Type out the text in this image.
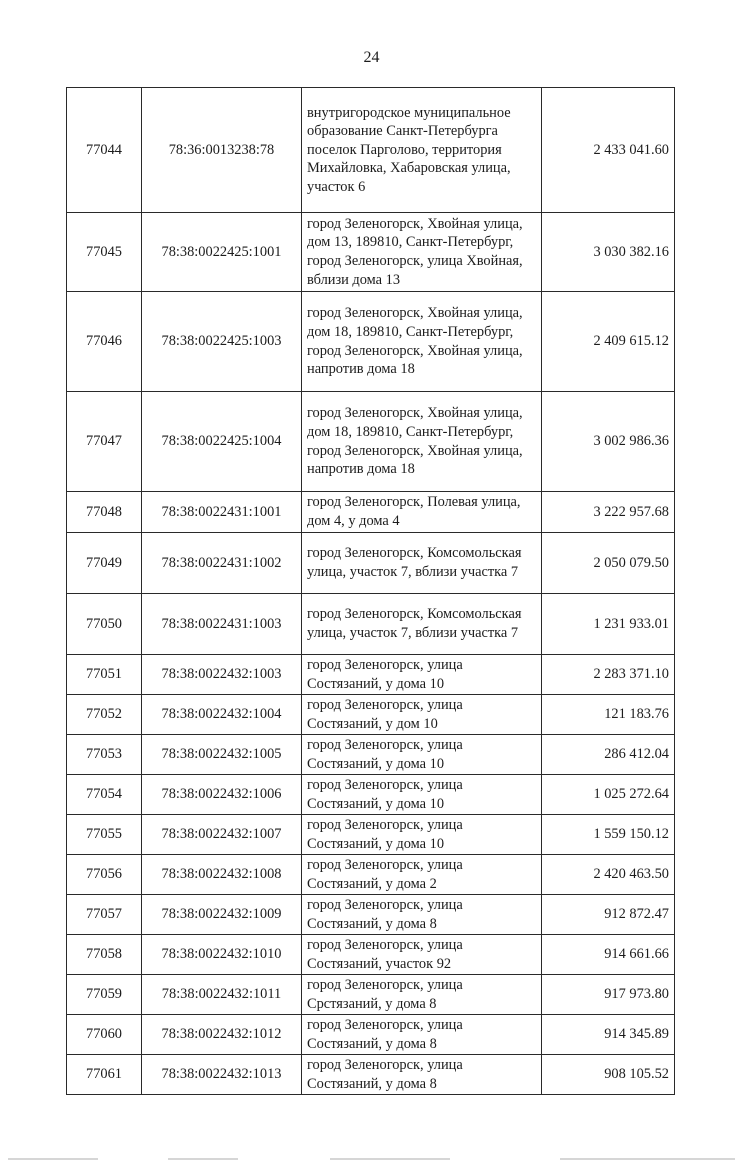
24
77044	78:36:0013238:78	внутригородское муниципальное образование Санкт-Петербурга поселок Парголово, территория Михайловка, Хабаровская улица, участок 6	2 433 041.60
77045	78:38:0022425:1001	город Зеленогорск, Хвойная улица, дом 13, 189810, Санкт-Петербург, город Зеленогорск, улица Хвойная, вблизи дома 13	3 030 382.16
77046	78:38:0022425:1003	город Зеленогорск, Хвойная улица, дом 18, 189810, Санкт-Петербург, город Зеленогорск, Хвойная улица, напротив дома 18	2 409 615.12
77047	78:38:0022425:1004	город Зеленогорск, Хвойная улица, дом 18, 189810, Санкт-Петербург, город Зеленогорск, Хвойная улица, напротив дома 18	3 002 986.36
77048	78:38:0022431:1001	город Зеленогорск, Полевая улица, дом 4, у дома 4	3 222 957.68
77049	78:38:0022431:1002	город Зеленогорск, Комсомольская улица, участок 7, вблизи участка 7	2 050 079.50
77050	78:38:0022431:1003	город Зеленогорск, Комсомольская улица, участок 7, вблизи участка 7	1 231 933.01
77051	78:38:0022432:1003	город Зеленогорск, улица Состязаний, у дома 10	2 283 371.10
77052	78:38:0022432:1004	город Зеленогорск, улица Состязаний, у дом 10	121 183.76
77053	78:38:0022432:1005	город Зеленогорск, улица Состязаний, у дома 10	286 412.04
77054	78:38:0022432:1006	город Зеленогорск, улица Состязаний, у дома 10	1 025 272.64
77055	78:38:0022432:1007	город Зеленогорск, улица Состязаний, у дома 10	1 559 150.12
77056	78:38:0022432:1008	город Зеленогорск, улица Состязаний, у дома 2	2 420 463.50
77057	78:38:0022432:1009	город Зеленогорск, улица Состязаний, у дома 8	912 872.47
77058	78:38:0022432:1010	город Зеленогорск, улица Состязаний, участок 92	914 661.66
77059	78:38:0022432:1011	город Зеленогорск, улица Срстязаний, у дома 8	917 973.80
77060	78:38:0022432:1012	город Зеленогорск, улица Состязаний, у дома 8	914 345.89
77061	78:38:0022432:1013	город Зеленогорск, улица Состязаний, у дома 8	908 105.52
